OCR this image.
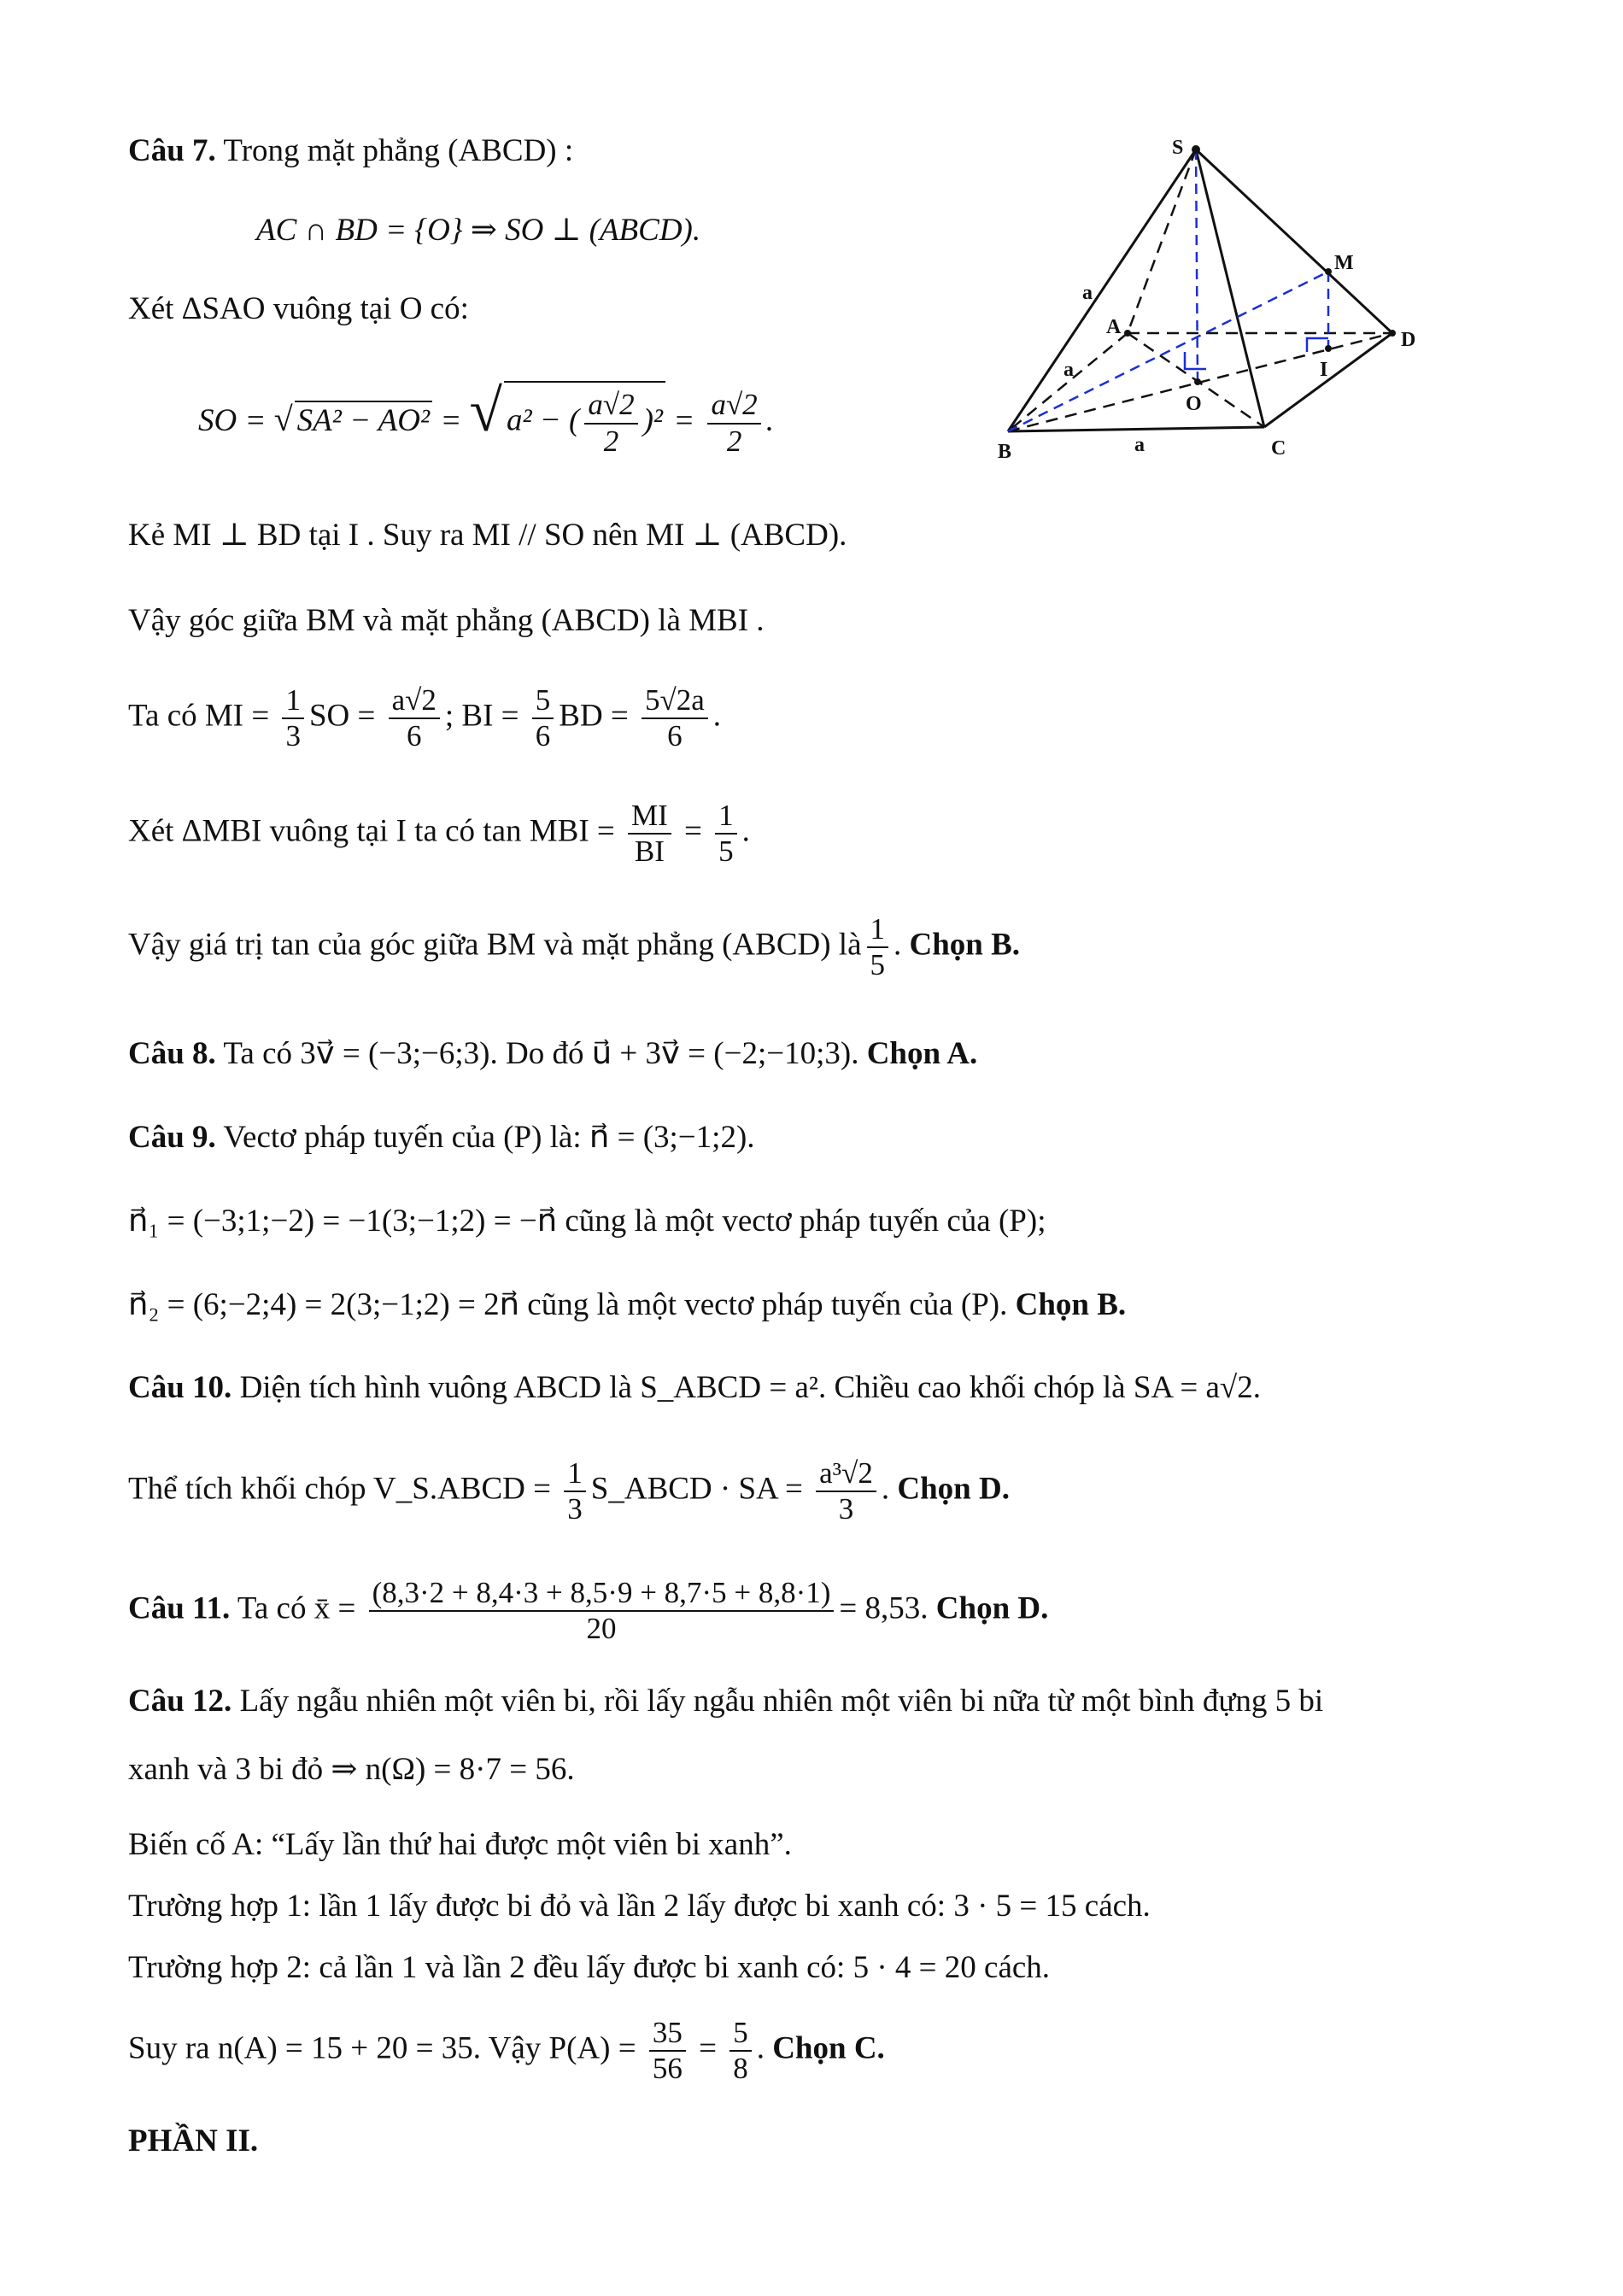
Câu 7. Trong mặt phẳng (ABCD) :
AC ∩ BD = {O} ⇒ SO ⊥ (ABCD).
Xét ΔSAO vuông tại O có:
SO = √ SA² − AO² = √ a² − ( $\frac{a√2}{2} )^2 = \frac{a√2}{2}$ .
Kẻ MI ⊥ BD tại I . Suy ra MI // SO nên MI ⊥ (ABCD).
Vậy góc giữa BM và mặt phẳng (ABCD) là MBI .
Ta có MI = $\frac{1}{3}$ SO = $\frac{a√2}{6}$ ; BI = $\frac{5}{6}$ BD = $\frac{5√2a}{6}$ .
Xét ΔMBI vuông tại I ta có tan MBI = $\frac{MI}{BI} = \frac{1}{5}$ .
Vậy giá trị tan của góc giữa BM và mặt phẳng (ABCD) là $\frac{1}{5}$ . Chọn B.
Câu 8. Ta có 3v⃗ = (−3;−6;3). Do đó u⃗ + 3v⃗ = (−2;−10;3). Chọn A.
Câu 9. Vectơ pháp tuyến của (P) là: n⃗ = (3;−1;2).
n⃗₁ = (−3;1;−2) = −1(3;−1;2) = −n⃗ cũng là một vectơ pháp tuyến của (P);
n⃗₂ = (6;−2;4) = 2(3;−1;2) = 2n⃗ cũng là một vectơ pháp tuyến của (P). Chọn B.
Câu 10. Diện tích hình vuông ABCD là S_ABCD = a². Chiều cao khối chóp là SA = a√2.
Thể tích khối chóp V_S.ABCD = $\frac{1}{3}$ S_ABCD · SA = $\frac{\text{a³√2}}{3}$ . Chọn D.
Câu 11. Ta có x̄ = $\frac{(8,3\cdot 2 + 8,4\cdot 3 + 8,5\cdot 9 + 8,7\cdot 5 + 8,8\cdot 1)}{20} = 8,53$. Chọn D.
Câu 12. Lấy ngẫu nhiên một viên bi, rồi lấy ngẫu nhiên một viên bi nữa từ một bình đựng 5 bi
xanh và 3 bi đỏ ⇒ n(Ω) = 8·7 = 56.
Biến cố A: “Lấy lần thứ hai được một viên bi xanh”.
Trường hợp 1: lần 1 lấy được bi đỏ và lần 2 lấy được bi xanh có: 3 · 5 = 15 cách.
Trường hợp 2: cả lần 1 và lần 2 đều lấy được bi xanh có: 5 · 4 = 20 cách.
Suy ra n(A) = 15 + 20 = 35. Vậy $P(A) = \frac{35}{56} = \frac{5}{8}$ . Chọn C.
PHẦN II.
S
A
B	C
D
O
M
I
a
a
a
